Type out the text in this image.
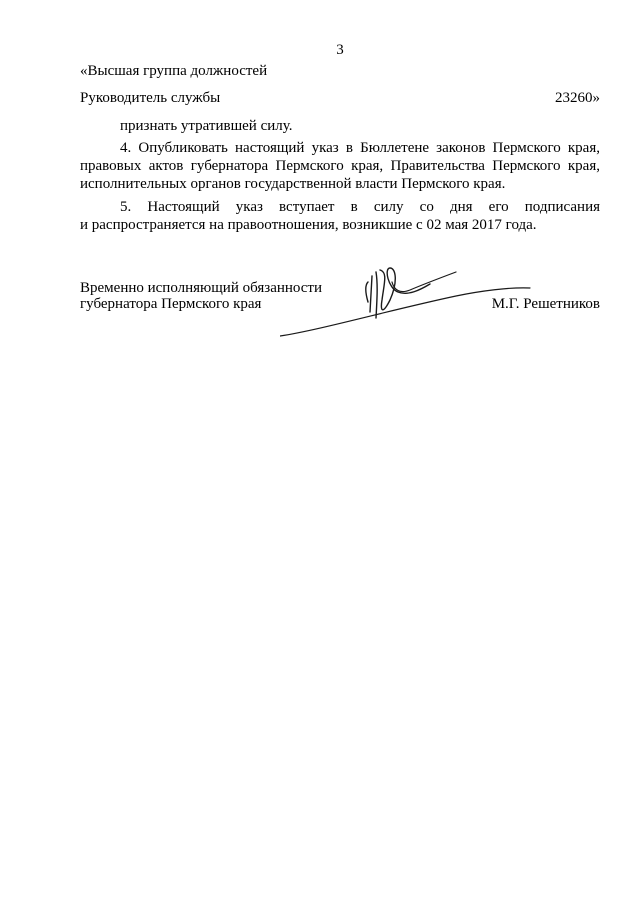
3
«Высшая группа должностей
Руководитель службы	23260»
признать утратившей силу.
4. Опубликовать настоящий указ в Бюллетене законов Пермского края,
правовых актов губернатора Пермского края, Правительства Пермского края,
исполнительных органов государственной власти Пермского края.
5. Настоящий указ вступает в силу со дня его подписания
и распространяется на правоотношения, возникшие с 02 мая 2017 года.
Временно исполняющий обязанности
губернатора Пермского края	М.Г. Решетников
